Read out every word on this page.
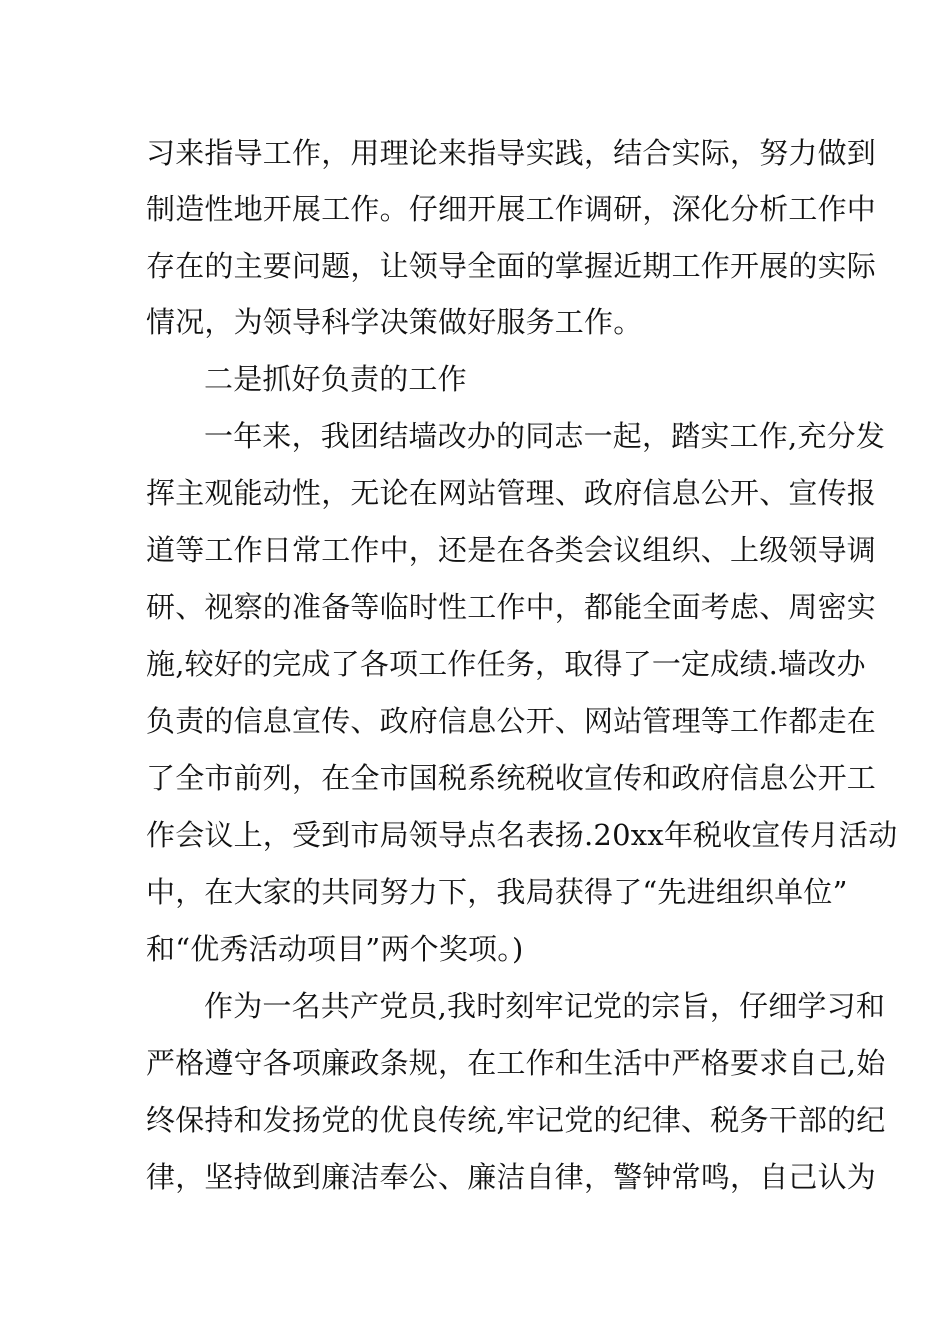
习来指导工作，用理论来指导实践，结合实际，努力做到
制造性地开展工作。仔细开展工作调研，深化分析工作中
存在的主要问题，让领导全面的掌握近期工作开展的实际
情况，为领导科学决策做好服务工作。
二是抓好负责的工作
一年来，我团结墙改办的同志一起，踏实工作,充分发
挥主观能动性，无论在网站管理、政府信息公开、宣传报
道等工作日常工作中，还是在各类会议组织、上级领导调
研、视察的准备等临时性工作中，都能全面考虑、周密实
施,较好的完成了各项工作任务，取得了一定成绩.墙改办
负责的信息宣传、政府信息公开、网站管理等工作都走在
了全市前列，在全市国税系统税收宣传和政府信息公开工
作会议上，受到市局领导点名表扬.20xx年税收宣传月活动
中，在大家的共同努力下，我局获得了“先进组织单位”
和“优秀活动项目”两个奖项。)
作为一名共产党员,我时刻牢记党的宗旨，仔细学习和
严格遵守各项廉政条规，在工作和生活中严格要求自己,始
终保持和发扬党的优良传统,牢记党的纪律、税务干部的纪
律，坚持做到廉洁奉公、廉洁自律，警钟常鸣，自己认为
